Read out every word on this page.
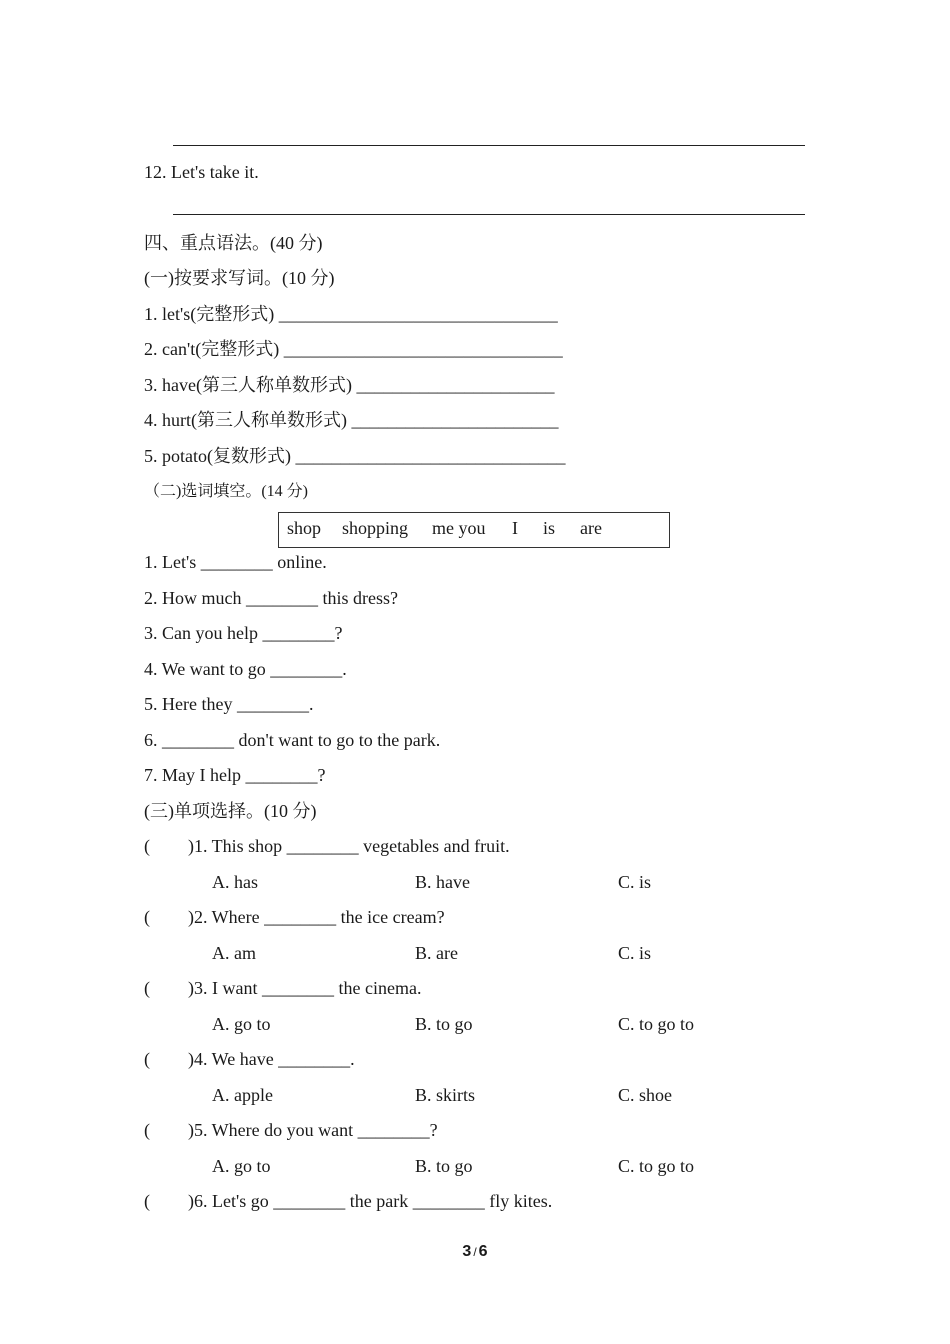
12. Let's take it.
四、重点语法。(40 分)
(一)按要求写词。(10 分)
1. let's(完整形式) _______________________________
2. can't(完整形式) _______________________________
3. have(第三人称单数形式) ______________________
4. hurt(第三人称单数形式) _______________________
5. potato(复数形式) ______________________________
（二)选词填空。(14 分)
shop shopping me you I is are
1. Let's ________ online.
2. How much ________ this dress?
3. Can you help ________?
4. We want to go ________.
5. Here they ________.
6. ________ don't want to go to the park.
7. May I help ________?
(三)单项选择。(10 分)
( )1. This shop ________ vegetables and fruit.
A. has	B. have	C. is
( )2. Where ________ the ice cream?
A. am	B. are	C. is
( )3. I want ________ the cinema.
A. go to	B. to go	C. to go to
( )4. We have ________.
A. apple	B. skirts	C. shoe
( )5. Where do you want ________?
A. go to	B. to go	C. to go to
( )6. Let's go ________ the park ________ fly kites.
3 / 6
